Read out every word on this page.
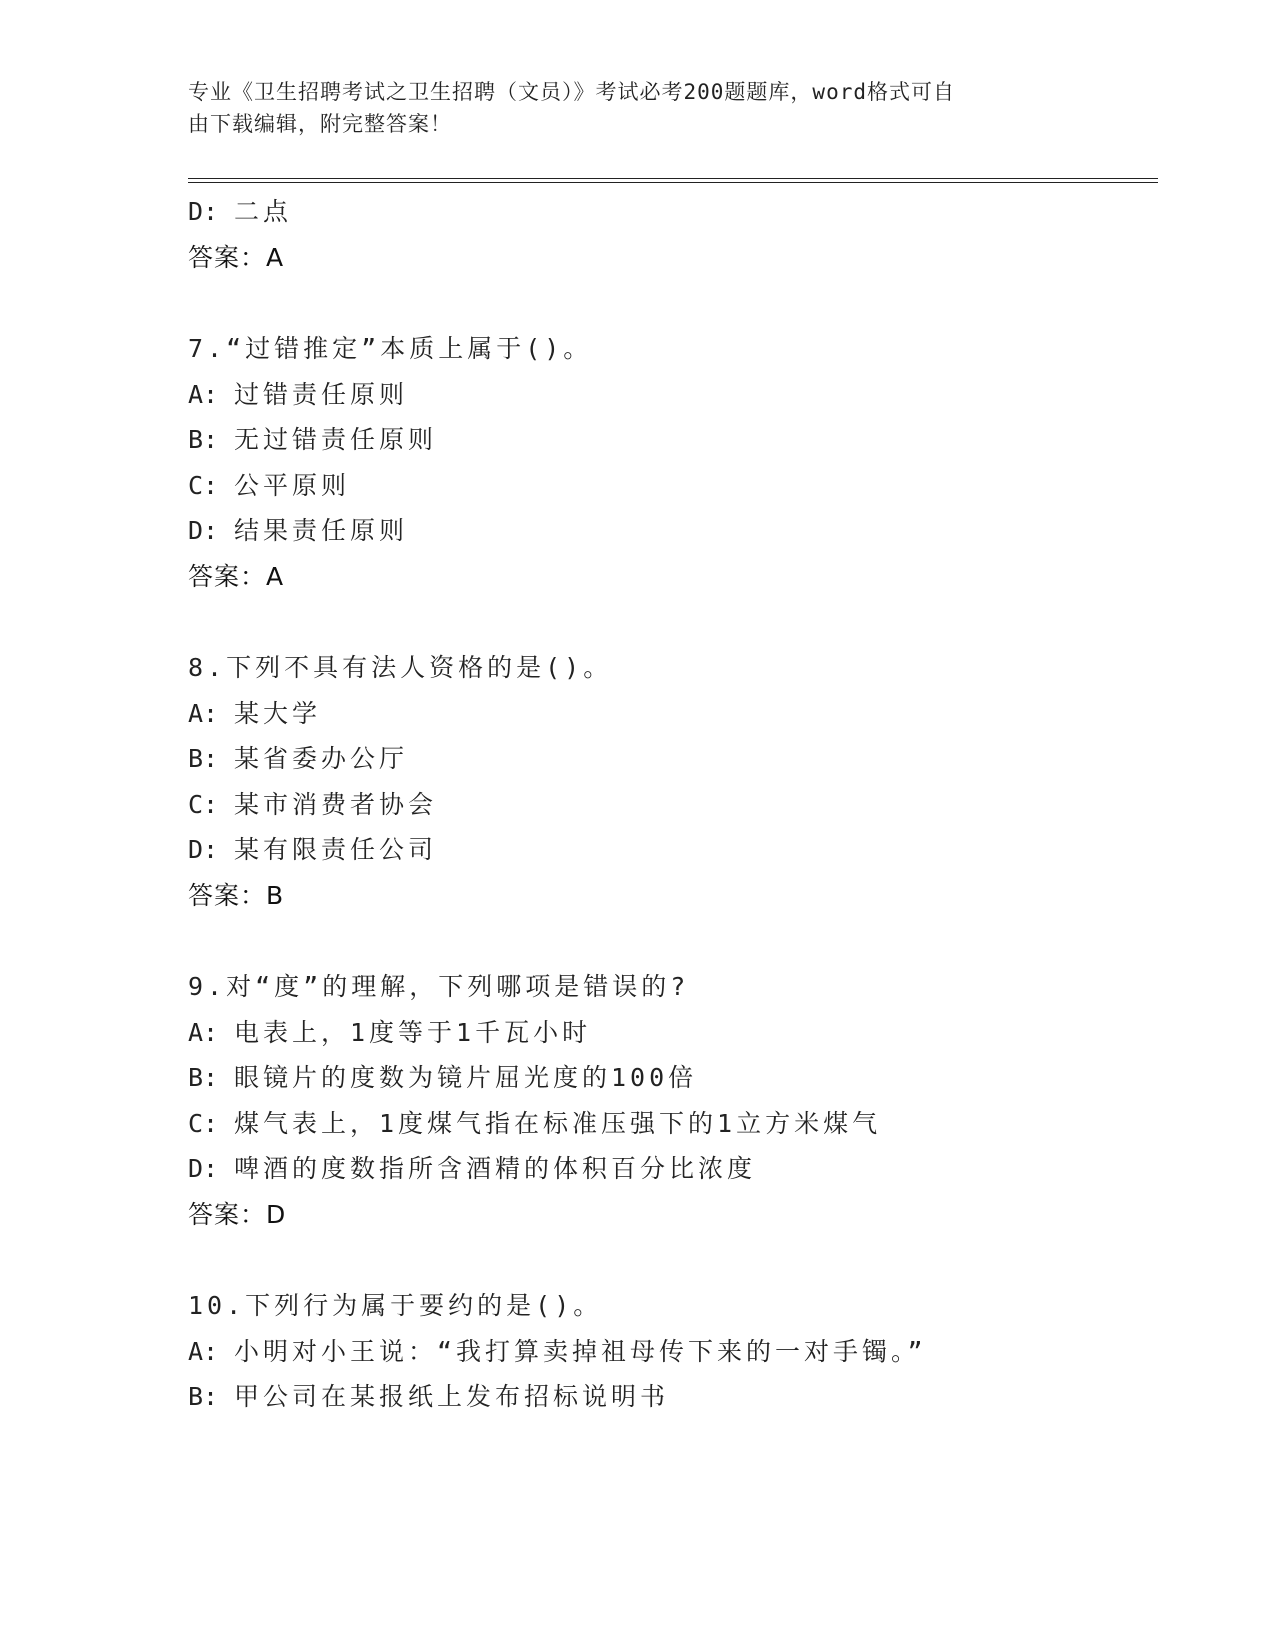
专业《卫生招聘考试之卫生招聘（文员）》考试必考200题题库，word格式可自
由下载编辑，附完整答案！
D: 二点
答案：A
7.“过错推定”本质上属于()。
A: 过错责任原则
B: 无过错责任原则
C: 公平原则
D: 结果责任原则
答案：A
8.下列不具有法人资格的是()。
A: 某大学
B: 某省委办公厅
C: 某市消费者协会
D: 某有限责任公司
答案：B
9.对“度”的理解，下列哪项是错误的?
A: 电表上，1度等于1千瓦小时
B: 眼镜片的度数为镜片屈光度的100倍
C: 煤气表上，1度煤气指在标准压强下的1立方米煤气
D: 啤酒的度数指所含酒精的体积百分比浓度
答案：D
10.下列行为属于要约的是()。
A: 小明对小王说：“我打算卖掉祖母传下来的一对手镯。”
B: 甲公司在某报纸上发布招标说明书
